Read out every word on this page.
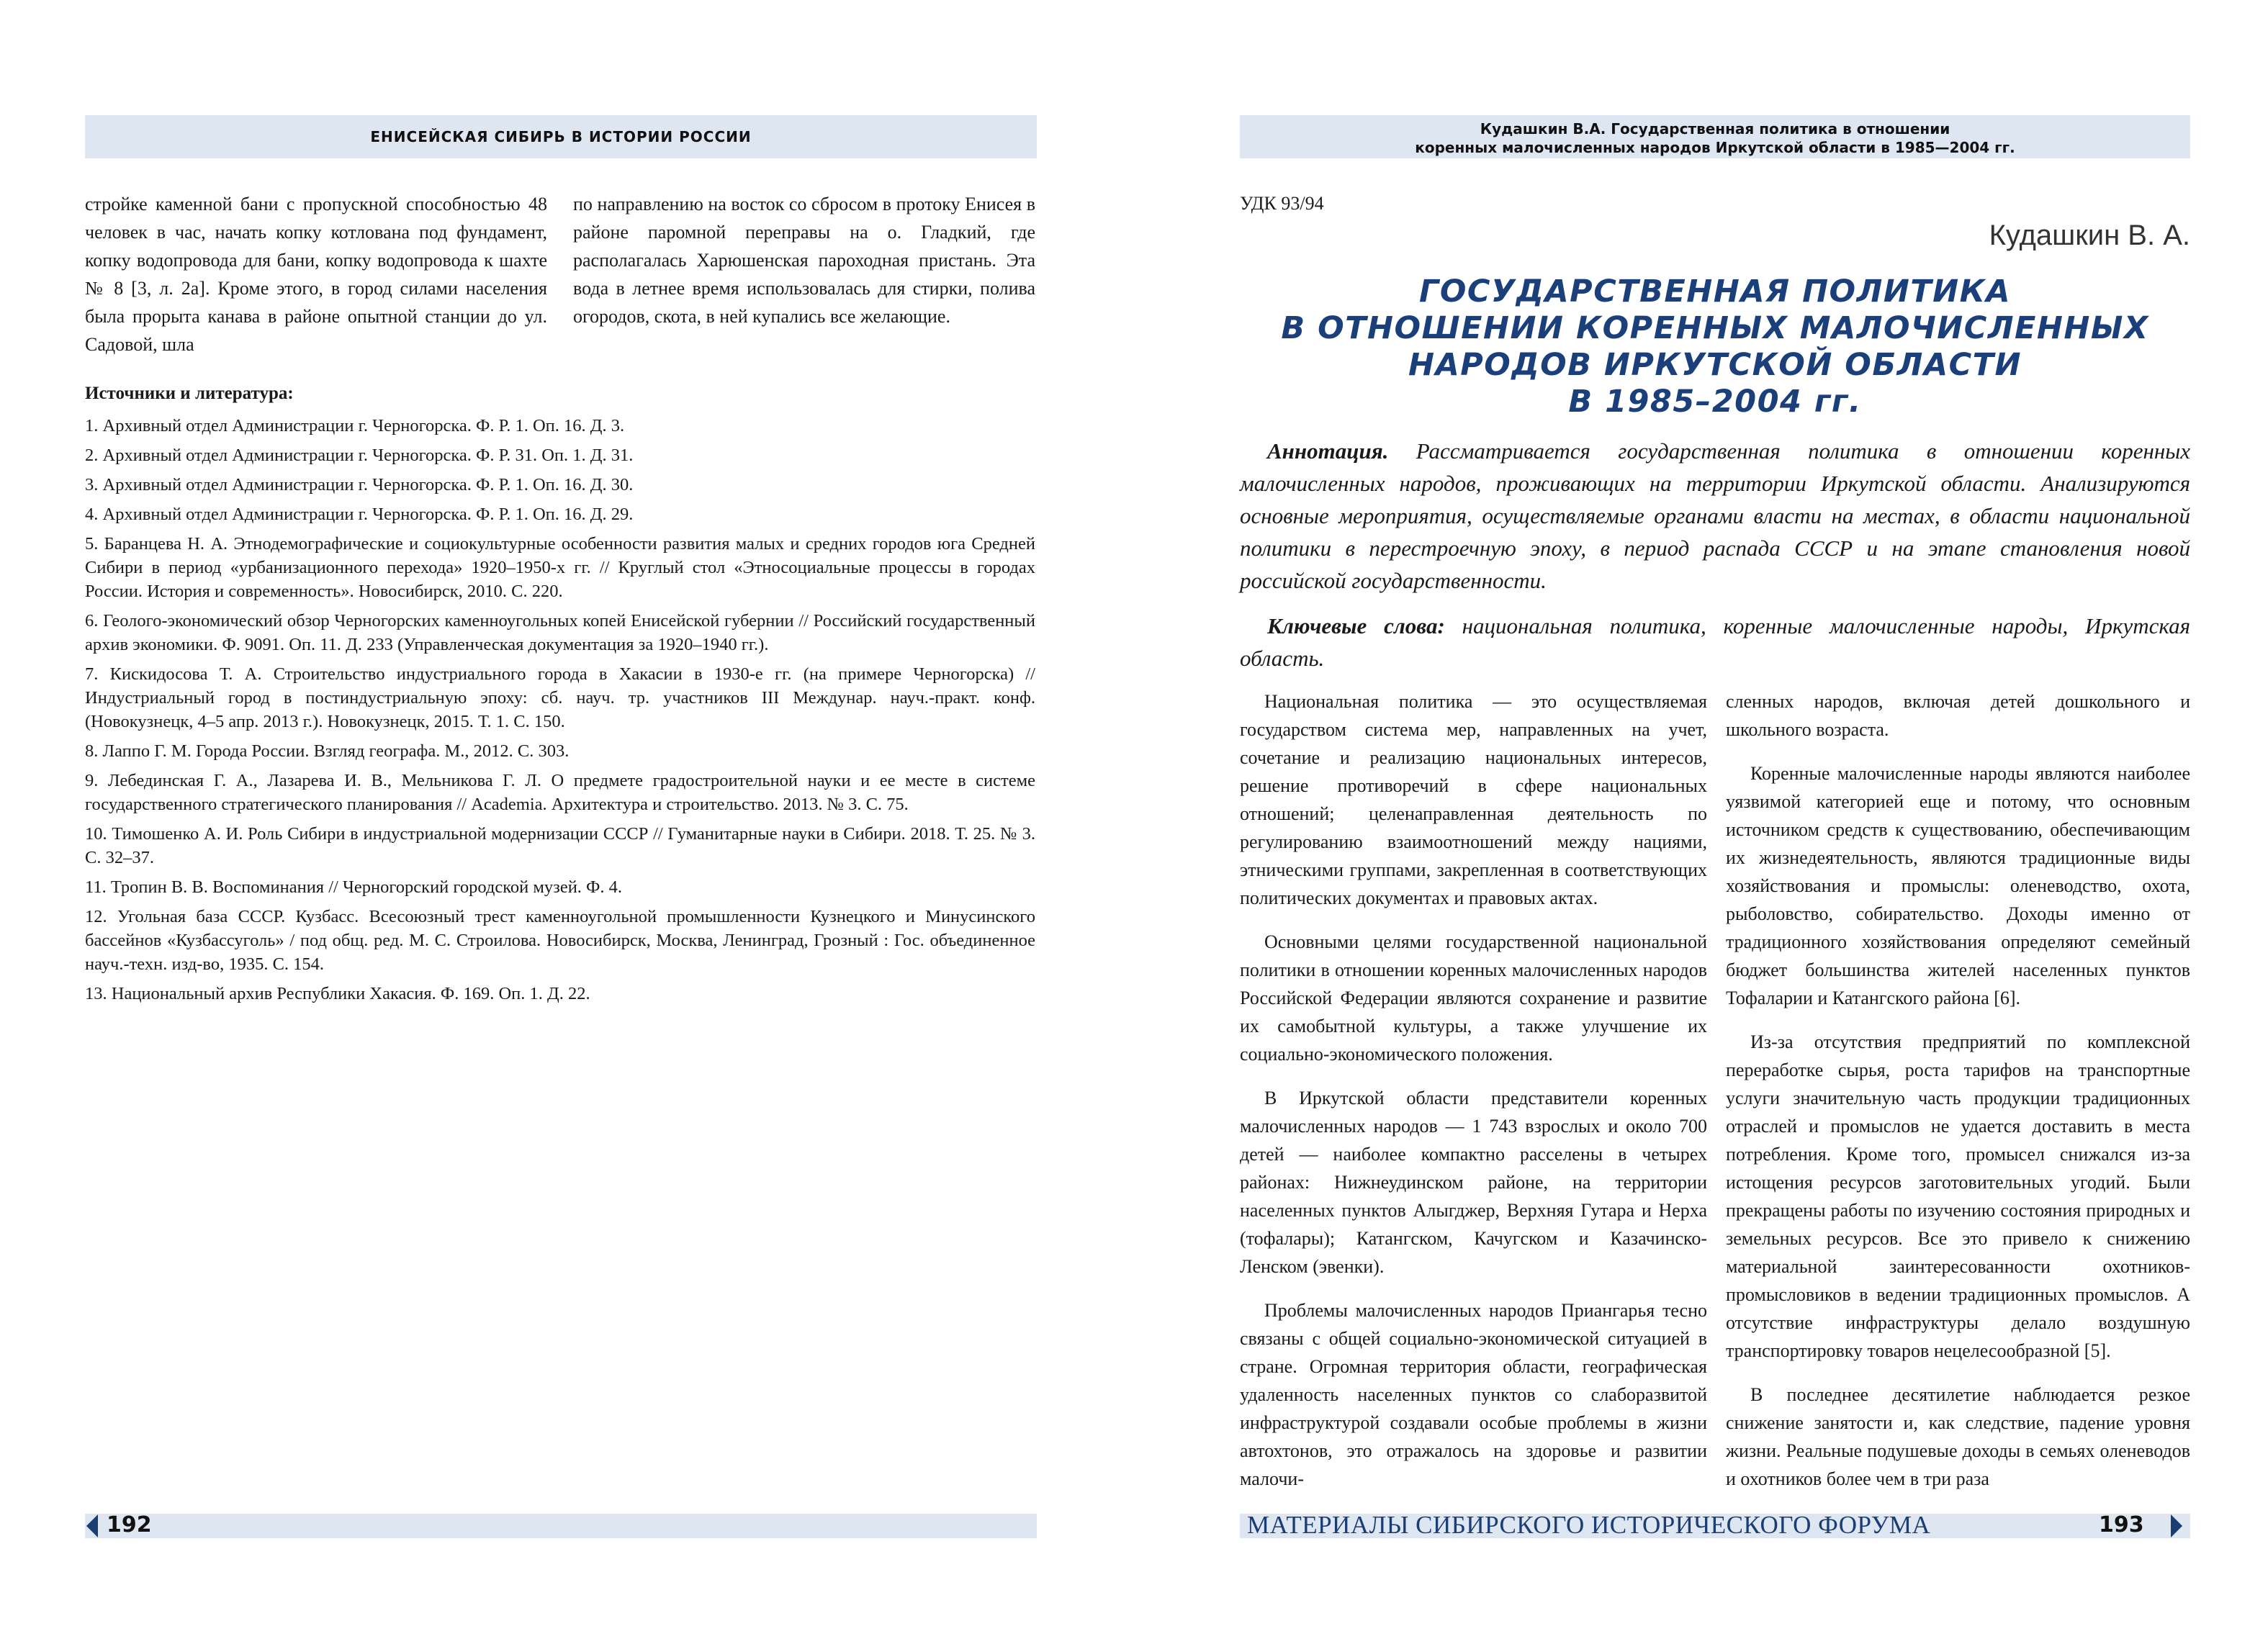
ЕНИСЕЙСКАЯ СИБИРЬ В ИСТОРИИ РОССИИ

стройке каменной бани с пропускной способностью 48 человек в час, начать копку котлована под фундамент, копку водопровода для бани, копку водопровода к шахте № 8 [3, л. 2а]. Кроме этого, в город силами населения была прорыта канава в районе опытной станции до ул. Садовой, шла

по направлению на восток со сбросом в протоку Енисея в районе паромной переправы на о. Гладкий, где располагалась Харюшенская пароходная пристань. Эта вода в летнее время использовалась для стирки, полива огородов, скота, в ней купались все желающие.

Источники и литература:
1. Архивный отдел Администрации г. Черногорска. Ф. Р. 1. Оп. 16. Д. 3.
2. Архивный отдел Администрации г. Черногорска. Ф. Р. 31. Оп. 1. Д. 31.
3. Архивный отдел Администрации г. Черногорска. Ф. Р. 1. Оп. 16. Д. 30.
4. Архивный отдел Администрации г. Черногорска. Ф. Р. 1. Оп. 16. Д. 29.
5. Баранцева Н. А. Этнодемографические и социокультурные особенности развития малых и средних городов юга Средней Сибири в период «урбанизационного перехода» 1920–1950-х гг. // Круглый стол «Этносоциальные процессы в городах России. История и современность». Новосибирск, 2010. С. 220.
6. Геолого-экономический обзор Черногорских каменноугольных копей Енисейской губернии // Российский государственный архив экономики. Ф. 9091. Оп. 11. Д. 233 (Управленческая документация за 1920–1940 гг.).
7. Кискидосова Т. А. Строительство индустриального города в Хакасии в 1930-е гг. (на примере Черногорска) // Индустриальный город в постиндустриальную эпоху: сб. науч. тр. участников III Междунар. науч.-практ. конф. (Новокузнецк, 4–5 апр. 2013 г.). Новокузнецк, 2015. Т. 1. С. 150.
8. Лаппо Г. М. Города России. Взгляд географа. М., 2012. С. 303.
9. Лебединская Г. А., Лазарева И. В., Мельникова Г. Л. О предмете градостроительной науки и ее месте в системе государственного стратегического планирования // Academia. Архитектура и строительство. 2013. № 3. С. 75.
10. Тимошенко А. И. Роль Сибири в индустриальной модернизации СССР // Гуманитарные науки в Сибири. 2018. Т. 25. № 3. С. 32–37.
11. Тропин В. В. Воспоминания // Черногорский городской музей. Ф. 4.
12. Угольная база СССР. Кузбасс. Всесоюзный трест каменноугольной промышленности Кузнецкого и Минусинского бассейнов «Кузбассуголь» / под общ. ред. М. С. Строилова. Новосибирск, Москва, Ленинград, Грозный : Гос. объединенное науч.-техн. изд-во, 1935. С. 154.
13. Национальный архив Республики Хакасия. Ф. 169. Оп. 1. Д. 22.
192
Кудашкин В.А. Государственная политика в отношении
коренных малочисленных народов Иркутской области в 1985—2004 гг.
УДК 93/94
Кудашкин В. А.
ГОСУДАРСТВЕННАЯ ПОЛИТИКА
В ОТНОШЕНИИ КОРЕННЫХ МАЛОЧИСЛЕННЫХ
НАРОДОВ ИРКУТСКОЙ ОБЛАСТИ
В 1985–2004 гг.

Аннотация. Рассматривается государственная политика в отношении коренных малочисленных народов, проживающих на территории Иркутской области. Анализируются основные мероприятия, осуществляемые органами власти на местах, в области национальной политики в перестроечную эпоху, в период распада СССР и на этапе становления новой российской государственности.

Ключевые слова: национальная политика, коренные малочисленные народы, Иркутская область.

Национальная политика — это осуществляемая государством система мер, направленных на учет, сочетание и реализацию национальных интересов, решение противоречий в сфере национальных отношений; целенаправленная деятельность по регулированию взаимоотношений между нациями, этническими группами, закрепленная в соответствующих политических документах и правовых актах.

Основными целями государственной национальной политики в отношении коренных малочисленных народов Российской Федерации являются сохранение и развитие их самобытной культуры, а также улучшение их социально-экономического положения.

В Иркутской области представители коренных малочисленных народов — 1 743 взрослых и около 700 детей — наиболее компактно расселены в четырех районах: Нижнеудинском районе, на территории населенных пунктов Алыгджер, Верхняя Гутара и Нерха (тофалары); Катангском, Качугском и Казачинско- Ленском (эвенки).

Проблемы малочисленных народов Приангарья тесно связаны с общей социально-экономической ситуацией в стране. Огромная территория области, географическая удаленность населенных пунктов со слаборазвитой инфраструктурой создавали особые проблемы в жизни автохтонов, это отражалось на здоровье и развитии малочи-

сленных народов, включая детей дошкольного и школьного возраста.

Коренные малочисленные народы являются наиболее уязвимой категорией еще и потому, что основным источником средств к существованию, обеспечивающим их жизнедеятельность, являются традиционные виды хозяйствования и промыслы: оленеводство, охота, рыболовство, собирательство. Доходы именно от традиционного хозяйствования определяют семейный бюджет большинства жителей населенных пунктов Тофаларии и Катангского района [6].

Из-за отсутствия предприятий по комплексной переработке сырья, роста тарифов на транспортные услуги значительную часть продукции традиционных отраслей и промыслов не удается доставить в места потребления. Кроме того, промысел снижался из-за истощения ресурсов заготовительных угодий. Были прекращены работы по изучению состояния природных и земельных ресурсов. Все это привело к снижению материальной заинтересованности охотников-промысловиков в ведении традиционных промыслов. А отсутствие инфраструктуры делало воздушную транспортировку товаров нецелесообразной [5].

В последнее десятилетие наблюдается резкое снижение занятости и, как следствие, падение уровня жизни. Реальные подушевые доходы в семьях оленеводов и охотников более чем в три раза

МАТЕРИАЛЫ СИБИРСКОГО ИСТОРИЧЕСКОГО ФОРУМА	193
